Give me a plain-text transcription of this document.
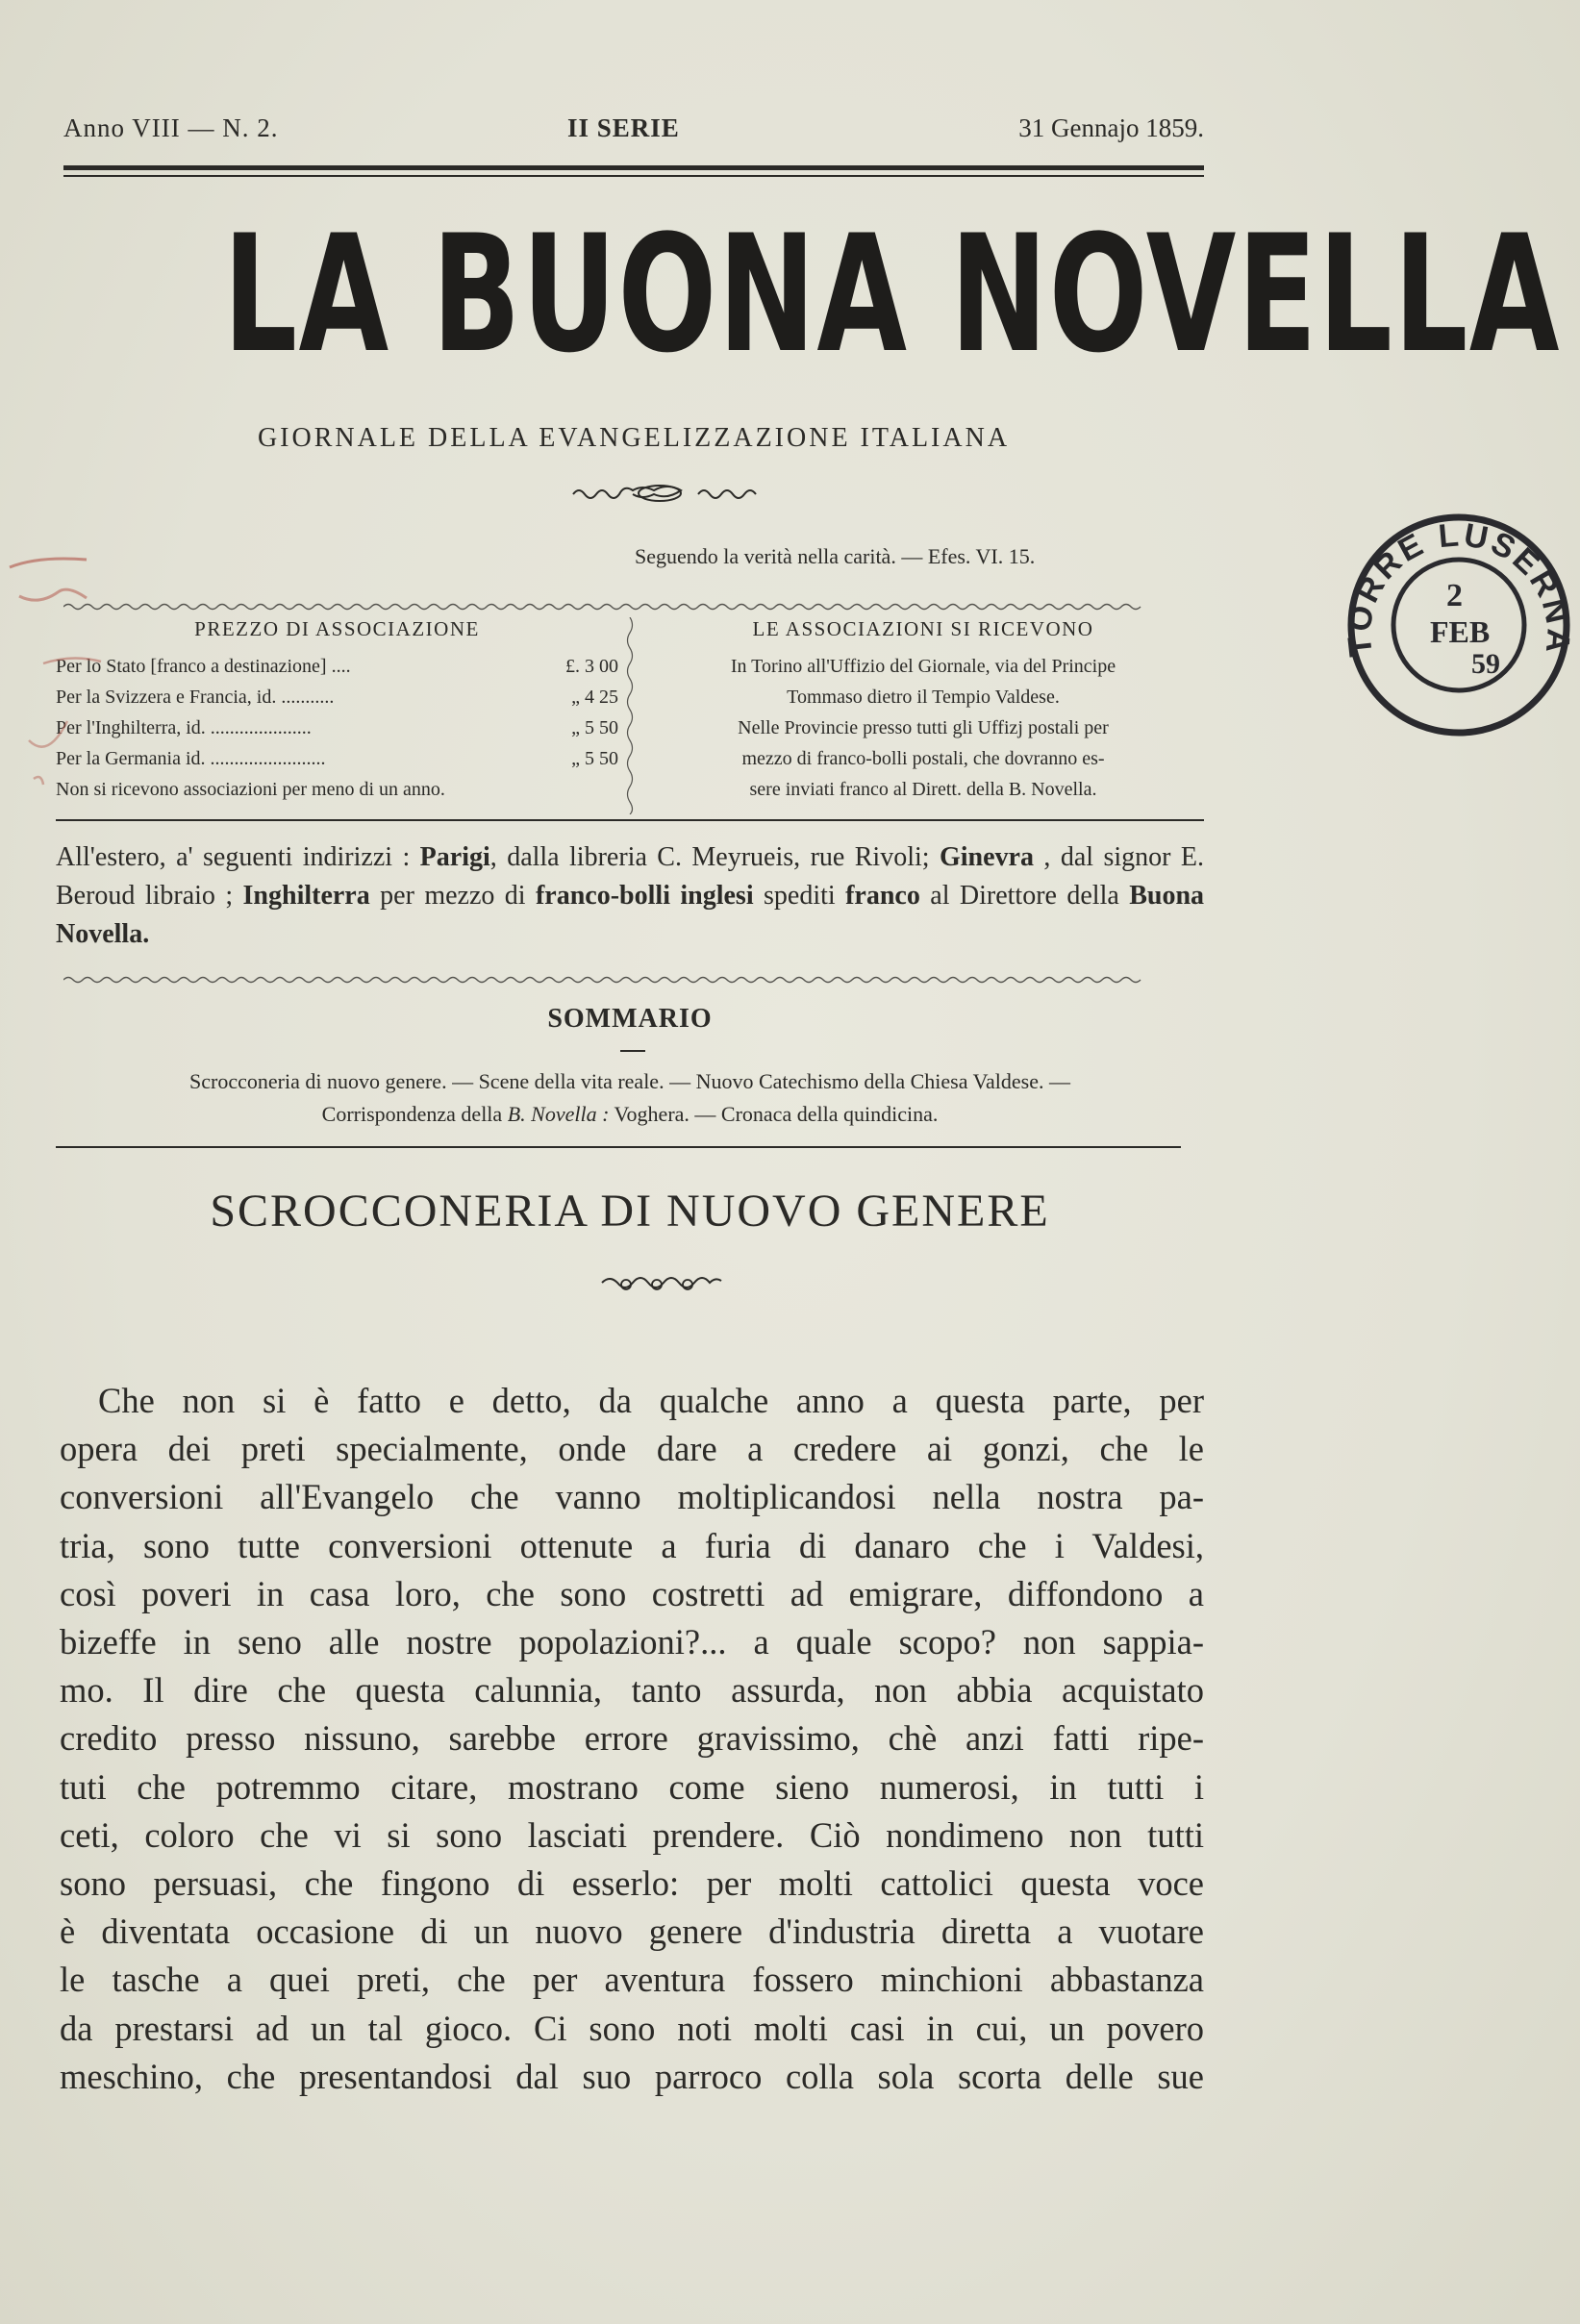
Anno VIII — N. 2.	II SERIE	31 Gennajo 1859.
LA BUONA NOVELLA
GIORNALE DELLA EVANGELIZZAZIONE ITALIANA
Seguendo la verità nella carità. — Efes. VI. 15.
PREZZO DI ASSOCIAZIONE
Per lo Stato [franco a destinazione] ....	£. 3 00
Per la Svizzera e Francia, id. ...........	„ 4 25
Per l'Inghilterra, id. .....................	„ 5 50
Per la Germania id. ........................	„ 5 50
Non si ricevono associazioni per meno di un anno.
LE ASSOCIAZIONI SI RICEVONO
In Torino all'Uffizio del Giornale, via del Principe
Tommaso dietro il Tempio Valdese.
Nelle Provincie presso tutti gli Uffizj postali per
mezzo di franco-bolli postali, che dovranno es-
sere inviati franco al Dirett. della B. Novella.
All'estero, a' seguenti indirizzi : Parigi, dalla libreria C. Meyrueis, rue Rivoli; Ginevra , dal signor E. Beroud libraio ; Inghilterra per mezzo di franco-bolli inglesi spediti franco al Direttore della Buona Novella.
SOMMARIO
Scrocconeria di nuovo genere. — Scene della vita reale. — Nuovo Catechismo della Chiesa Valdese. —
Corrispondenza della B. Novella : Voghera. — Cronaca della quindicina.
SCROCCONERIA DI NUOVO GENERE
Che non si è fatto e detto, da qualche anno a questa parte, per
opera dei preti specialmente, onde dare a credere ai gonzi, che le
conversioni all'Evangelo che vanno moltiplicandosi nella nostra pa-
tria, sono tutte conversioni ottenute a furia di danaro che i Valdesi,
così poveri in casa loro, che sono costretti ad emigrare, diffondono a
bizeffe in seno alle nostre popolazioni?... a quale scopo? non sappia-
mo. Il dire che questa calunnia, tanto assurda, non abbia acquistato
credito presso nissuno, sarebbe errore gravissimo, chè anzi fatti ripe-
tuti che potremmo citare, mostrano come sieno numerosi, in tutti i
ceti, coloro che vi si sono lasciati prendere. Ciò nondimeno non tutti
sono persuasi, che fingono di esserlo: per molti cattolici questa voce
è diventata occasione di un nuovo genere d'industria diretta a vuotare
le tasche a quei preti, che per aventura fossero minchioni abbastanza
da prestarsi ad un tal gioco. Ci sono noti molti casi in cui, un povero
meschino, che presentandosi dal suo parroco colla sola scorta delle sue
TORRE LUSERNA
2
FEB
59
